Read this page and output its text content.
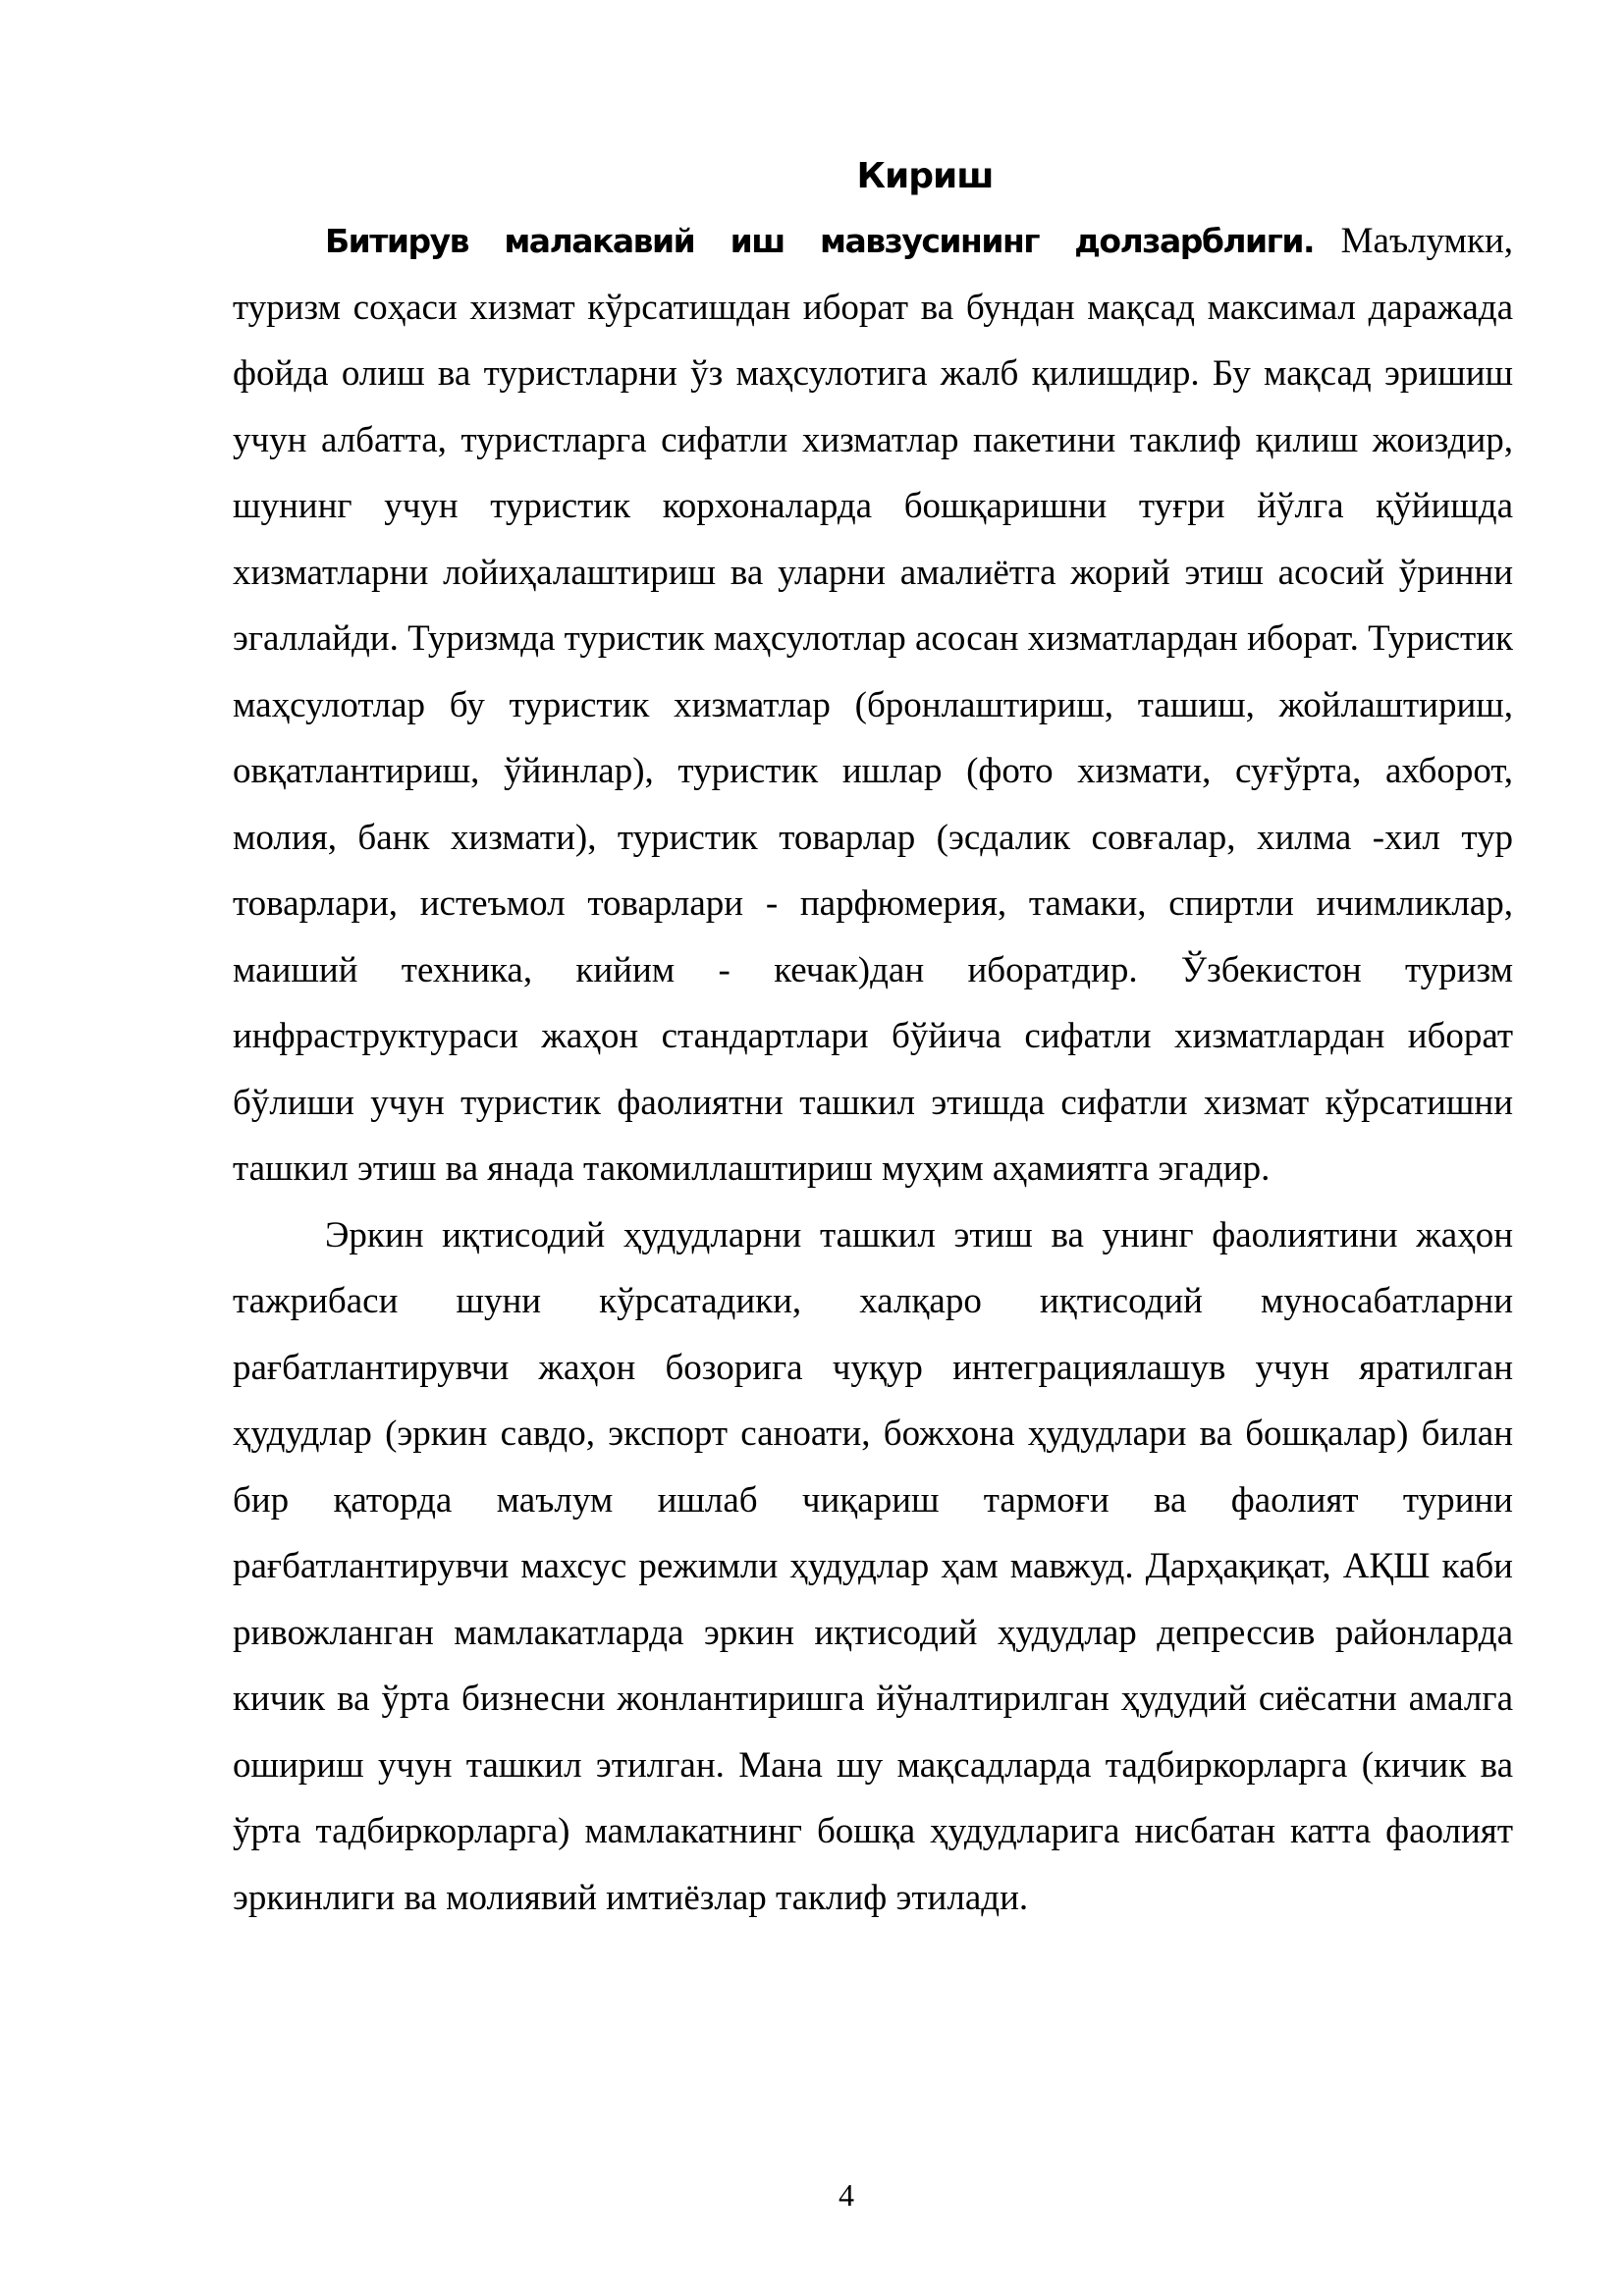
Кириш

Битирув малакавий иш мавзусининг долзарблиги. Маълумки, туризм соҳаси хизмат кўрсатишдан иборат ва бундан мақсад максимал даражада фойда олиш ва туристларни ўз маҳсулотига жалб қилишдир. Бу мақсад эришиш учун албатта, туристларга сифатли хизматлар пакетини таклиф қилиш жоиздир, шунинг учун туристик корхоналарда бошқаришни туғри йўлга қўйишда хизматларни лойиҳалаштириш ва уларни амалиётга жорий этиш асосий ўринни эгаллайди. Туризмда туристик маҳсулотлар асосан хизматлардан иборат. Туристик маҳсулотлар бу туристик хизматлар (бронлаштириш, ташиш, жойлаштириш, овқатлантириш, ўйинлар), туристик ишлар (фото хизмати, суғўрта, ахборот, молия, банк хизмати), туристик товарлар (эсдалик совғалар, хилма -хил тур товарлари, истеъмол товарлари - парфюмерия, тамаки, спиртли ичимликлар, маиший техника, кийим - кечак)дан иборатдир. Ўзбекистон туризм инфраструктураси жаҳон стандартлари бўйича сифатли хизматлардан иборат бўлиши учун туристик фаолиятни ташкил этишда сифатли хизмат кўрсатишни ташкил этиш ва янада такомиллаштириш муҳим аҳамиятга эгадир.

Эркин иқтисодий ҳудудларни ташкил этиш ва унинг фаолиятини жаҳон тажрибаси шуни кўрсатадики, халқаро иқтисодий муносабатларни рағбатлантирувчи жаҳон бозорига чуқур интеграциялашув учун яратилган ҳудудлар (эркин савдо, экспорт саноати, божхона ҳудудлари ва бошқалар) билан бир қаторда маълум ишлаб чиқариш тармоғи ва фаолият турини рағбатлантирувчи махсус режимли ҳудудлар ҳам мавжуд. Дарҳақиқат, АҚШ каби ривожланган мамлакатларда эркин иқтисодий ҳудудлар депрессив районларда кичик ва ўрта бизнесни жонлантиришга йўналтирилган ҳудудий сиёсатни амалга ошириш учун ташкил этилган. Мана шу мақсадларда тадбиркорларга (кичик ва ўрта тадбиркорларга) мамлакатнинг бошқа ҳудудларига нисбатан катта фаолият эркинлиги ва молиявий имтиёзлар таклиф этилади.

4
